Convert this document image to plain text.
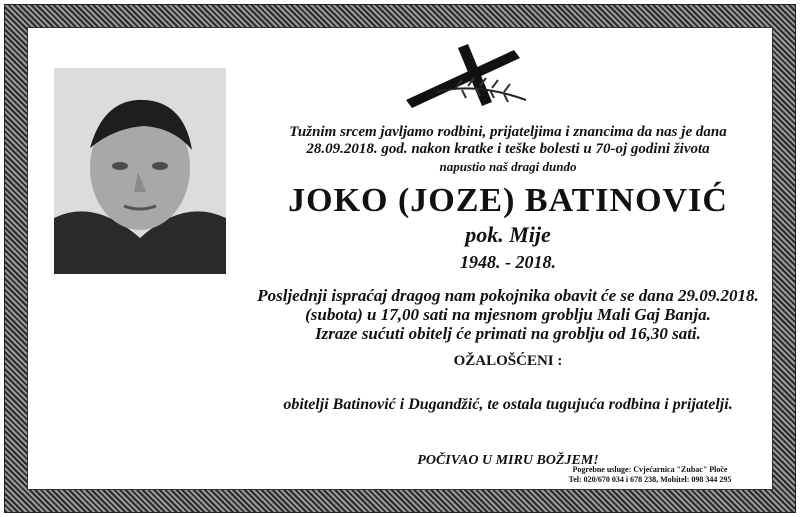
Tužnim srcem javljamo rodbini, prijateljima i znancima da nas je dana
28.09.2018. god. nakon kratke i teške bolesti u 70-oj godini života
napustio naš dragi dundo
JOKO (JOZE) BATINOVIĆ
pok. Mije
1948. - 2018.
Posljednji ispraćaj dragog nam pokojnika obavit će se dana 29.09.2018.
(subota) u 17,00 sati na mjesnom groblju Mali Gaj Banja.
Izraze sućuti obitelj će primati na groblju od 16,30 sati.
OŽALOŠĆENI :
obitelji Batinović i Dugandžić, te ostala tugujuća rodbina i prijatelji.
POČIVAO U MIRU BOŽJEM!
Pogrebne usluge: Cvjećarnica "Zubac" Ploče
Tel: 020/670 034 i 678 238, Mobitel: 098 344 295
